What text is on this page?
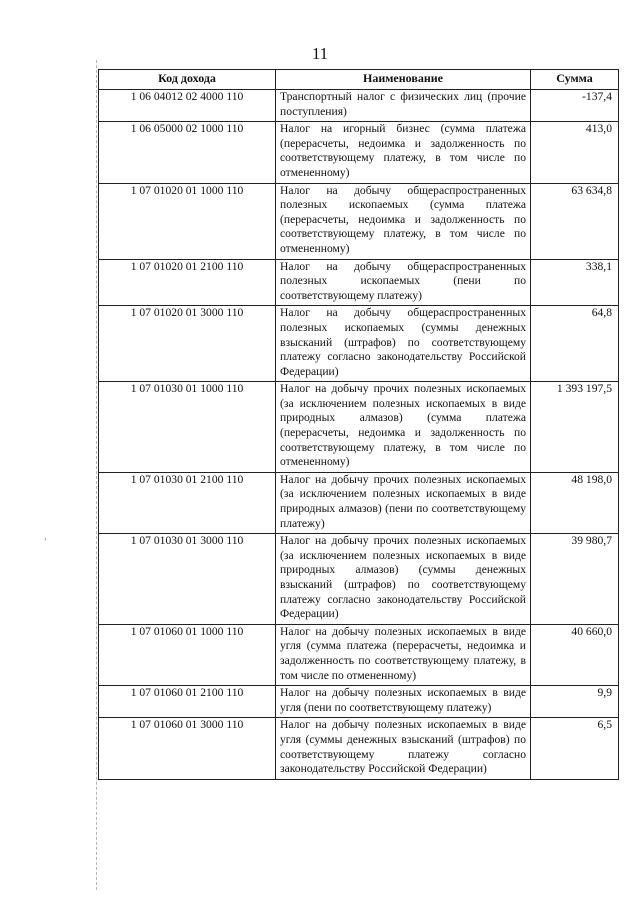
,
11
Код дохода	Наименование	Сумма
1 06 04012 02 4000 110	Транспортный налог с физических лиц (прочие поступления)	-137,4
1 06 05000 02 1000 110	Налог на игорный бизнес (сумма платежа (перерасчеты, недоимка и задолженность по соответствующему платежу, в том числе по отмененному)	413,0
1 07 01020 01 1000 110	Налог на добычу общераспространенных полезных ископаемых (сумма платежа (перерасчеты, недоимка и задолженность по соответствующему платежу, в том числе по отмененному)	63 634,8
1 07 01020 01 2100 110	Налог на добычу общераспространенных полезных ископаемых (пени по соответствующему платежу)	338,1
1 07 01020 01 3000 110	Налог на добычу общераспространенных полезных ископаемых (суммы денежных взысканий (штрафов) по соответствующему платежу согласно законодательству Российской Федерации)	64,8
1 07 01030 01 1000 110	Налог на добычу прочих полезных ископаемых (за исключением полезных ископаемых в виде природных алмазов) (сумма платежа (перерасчеты, недоимка и задолженность по соответствующему платежу, в том числе по отмененному)	1 393 197,5
1 07 01030 01 2100 110	Налог на добычу прочих полезных ископаемых (за исключением полезных ископаемых в виде природных алмазов) (пени по соответствующему платежу)	48 198,0
1 07 01030 01 3000 110	Налог на добычу прочих полезных ископаемых (за исключением полезных ископаемых в виде природных алмазов) (суммы денежных взысканий (штрафов) по соответствующему платежу согласно законодательству Российской Федерации)	39 980,7
1 07 01060 01 1000 110	Налог на добычу полезных ископаемых в виде угля (сумма платежа (перерасчеты, недоимка и задолженность по соответствующему платежу, в том числе по отмененному)	40 660,0
1 07 01060 01 2100 110	Налог на добычу полезных ископаемых в виде угля (пени по соответствующему платежу)	9,9
1 07 01060 01 3000 110	Налог на добычу полезных ископаемых в виде угля (суммы денежных взысканий (штрафов) по соответствующему платежу согласно законодательству Российской Федерации)	6,5
